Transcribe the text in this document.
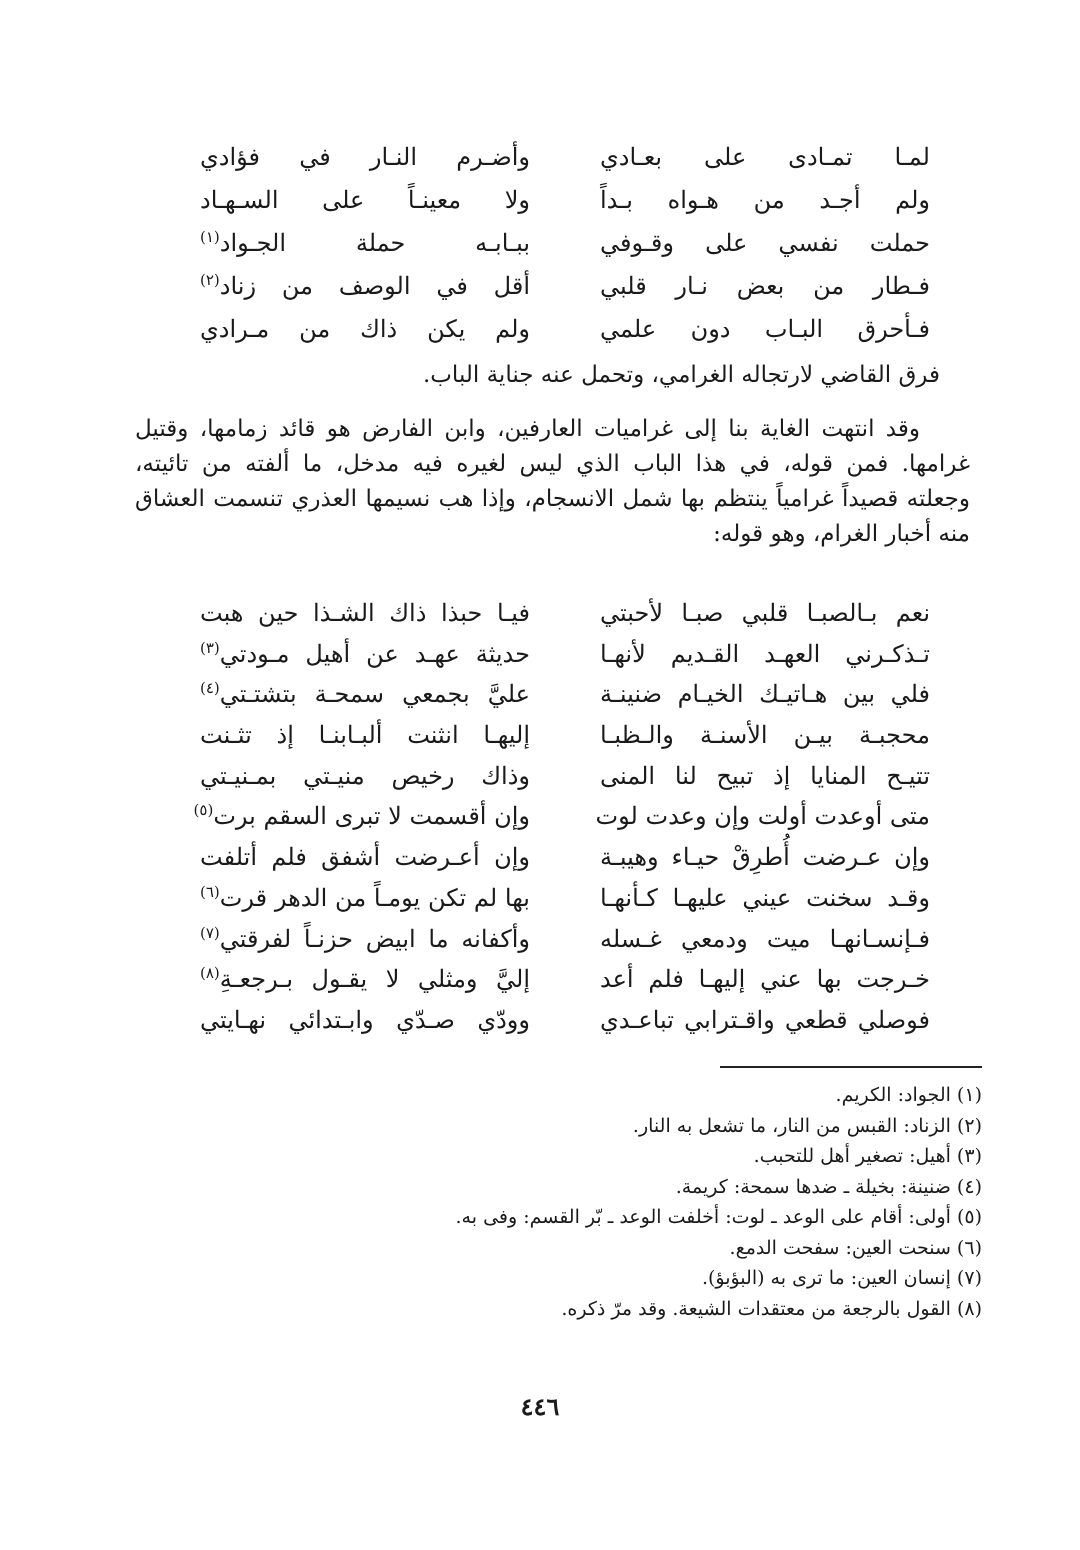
لمـا تمـادى على بعـادي
وأضـرم النـار في فؤادي
ولم أجـد من هـواه بـداً
ولا معينـاً على السـهـاد
حملت نفسي على وقـوفي
ببـابـه حملة الجـواد$^{(١)}$
فـطار من بعض نـار قلبي
أقل في الوصف من زناد$^{(٢)}$
فـأحرق البـاب دون علمي
ولم يكن ذاك من مـرادي
فرق القاضي لارتجاله الغرامي، وتحمل عنه جناية الباب.
وقد انتهت الغاية بنا إلى غراميات العارفين، وابن الفارض هو قائد زمامها، وقتيل
غرامها. فمن قوله، في هذا الباب الذي ليس لغيره فيه مدخل، ما ألفته من تائيته،
وجعلته قصيداً غرامياً ينتظم بها شمل الانسجام، وإذا هب نسيمها العذري تنسمت العشاق
منه أخبار الغرام، وهو قوله:
نعم بـالصبـا قلبي صبـا لأحبتي
فيـا حبذا ذاك الشـذا حين هبت
تـذكـرني العهـد القـديم لأنهـا
حديثة عهـد عن أهيل مـودتي$^{(٣)}$
فلي بين هـاتيـك الخيـام ضنينـة
عليَّ بجمعي سمحـة بتشتـتي$^{(٤)}$
محجبـة بيـن الأسنـة والـظبـا
إليهـا انثنت ألبـابنـا إذ تثـنت
تتيـح المنايا إذ تبيح لنا المنى
وذاك رخيص منيـتي بمـنيـتي
متى أوعدت أولت وإن وعدت لوت
وإن أقسمت لا تبرى السقم برت$^{(٥)}$
وإن عـرضت أُطرِقْ حيـاء وهيبـة
وإن أعـرضت أشفق فلم أتلفت
وقـد سخنت عيني عليهـا كـأنهـا
بها لم تكن يومـاً من الدهر قرت$^{(٦)}$
فـإنسـانهـا ميت ودمعي غـسله
وأكفانه ما ابيض حزنـاً لفرقتي$^{(٧)}$
خـرجت بها عني إليهـا فلم أعد
إليَّ ومثلي لا يقـول بـرجعـةِ$^{(٨)}$
فوصلي قطعي واقـترابي تباعـدي
وودّي صـدّي وابـتدائي نهـايتي
(١) الجواد: الكريم.
(٢) الزناد: القبس من النار، ما تشعل به النار.
(٣) أهيل: تصغير أهل للتحبب.
(٤) ضنينة: بخيلة ـ ضدها سمحة: كريمة.
(٥) أولى: أقام على الوعد ـ لوت: أخلفت الوعد ـ بّر القسم: وفى به.
(٦) سنحت العين: سفحت الدمع.
(٧) إنسان العين: ما ترى به (البؤبؤ).
(٨) القول بالرجعة من معتقدات الشيعة. وقد مرّ ذكره.
٤٤٦
